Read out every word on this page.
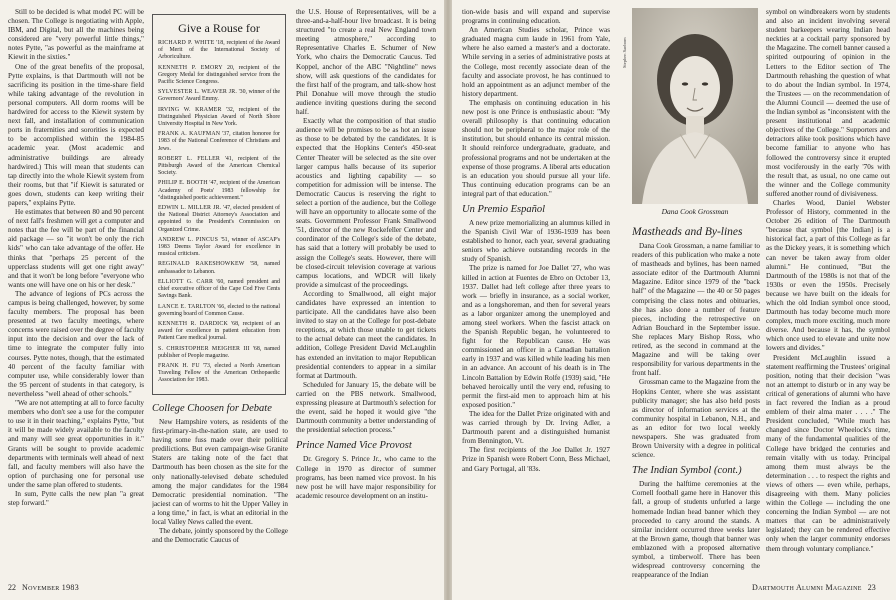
Still to be decided is what model PC will be chosen. The College is negotiating with Apple, IBM, and Digital, but all the machines being considered are "very powerful little things," notes Pytte, "as powerful as the mainframe at Kiewit in the sixties."

One of the great benefits of the proposal, Pytte explains, is that Dartmouth will not be sacrificing its position in the time-share field while taking advantage of the revolution in personal computers. All dorm rooms will be hardwired for access to the Kiewit system by next fall, and installation of communication ports in fraternities and sororities is expected to be accomplished within the 1984-85 academic year. (Most academic and administrative buildings are already hardwired.) This will mean that students can tap directly into the whole Kiewit system from their rooms, but that "if Kiewit is saturated or goes down, students can keep writing their papers," explains Pytte.

He estimates that between 80 and 90 percent of next fall's freshmen will get a computer and notes that the fee will be part of the financial aid package — so "it won't be only the rich kids" who can take advantage of the offer. He thinks that "perhaps 25 percent of the upperclass students will get one right away" and that it won't be long before "everyone who wants one will have one on his or her desk."

The advance of legions of PCs across the campus is being challenged, however, by some faculty members. The proposal has been presented at two faculty meetings, where concerns were raised over the degree of faculty input into the decision and over the lack of time to integrate the computer fully into courses. Pytte notes, though, that the estimated 40 percent of the faculty familiar with computer use, while considerably lower than the 95 percent of students in that category, is nevertheless "well ahead of other schools."

"We are not attempting at all to force faculty members who don't see a use for the computer to use it in their teaching," explains Pytte, "but it will be made widely available to the faculty and many will see great opportunities in it." Grants will be sought to provide academic departments with terminals well ahead of next fall, and faculty members will also have the option of purchasing one for personal use under the same plan offered to students.

In sum, Pytte calls the new plan "a great step forward."

Give a Rouse for
RICHARD P. WHITE '18, recipient of the Award of Merit of the International Society of Arboriculture.
KENNETH P. EMORY 20, recipient of the Gregory Medal for distinguished service from the Pacific Science Congress.
SYLVESTER L. WEAVER JR. '30, winner of the Governors' Award Emmy.
IRVING W. KRAMER '32, recipient of the Distinguished Physician Award of North Shore University Hospital in New York.
FRANK A. KAUFMAN '37, citation honoree for 1983 of the National Conference of Christians and Jews.
ROBERT L. FELLER '41, recipient of the Pittsburgh Award of the American Chemical Society.
PHILIP E. BOOTH '47, recipient of the American Academy of Poets' 1983 fellowship for "distinguished poetic achievement."
EDWIN L. MILLER JR. '47, elected president of the National District Attorney's Association and appointed to the President's Commission on Organized Crime.
ANDREW L. PINCUS '51, winner of ASCAP's 1983 Deems Taylor Award for excellence in musical criticism.
REGINALD RAKESHOWKEW '58, named ambassador to Lebanon.
ELLIOTT G. CARR '60, named president and chief executive officer of the Cape Cod Five Cents Savings Bank.
LANCE E. TARLTON '66, elected to the national governing board of Common Cause.
KENNETH R. DARDICK '68, recipient of an award for excellence in patient education from Patient Care medical journal.
S. CHRISTOPHER MEIGHER III '68, named publisher of People magazine.
FRANK H. FU '73, elected a North American Traveling Fellow of the American Orthopaedic Association for 1983.
College Choosen for Debate

New Hampshire voters, as residents of the first-primary-in-the-nation state, are used to having some fuss made over their political predilictions. But even campaign-wise Granite Staters are taking note of the fact that Dartmouth has been chosen as the site for the only nationally-televised debate scheduled among the major candidates for the 1984 Democratic presidential nomination. "The jaciest can of worms to hit the Upper Valley in a long time," in fact, is what an editorial in the local Valley News called the event.

The debate, jointly sponsored by the College and the Democratic Caucus of

the U.S. House of Representatives, will be a three-and-a-half-hour live broadcast. It is being structured "to create a real New England town meeting atmosphere," according to Representative Charles E. Schumer of New York, who chairs the Democratic Caucus. Ted Koppel, anchor of the ABC "Nightline" news show, will ask questions of the candidates for the first half of the program, and talk-show host Phil Donahue will move through the studio audience inviting questions during the second half.

Exactly what the composition of that studio audience will be promises to be as hot an issue as those to be debated by the candidates. It is expected that the Hopkins Center's 450-seat Center Theater will be selected as the site over larger campus halls because of its superior acoustics and lighting capability — so competition for admission will be intense. The Democratic Caucus is reserving the right to select a portion of the audience, but the College will have an opportunity to allocate some of the seats. Government Professor Frank Smallwood '51, director of the new Rockefeller Center and coordinator of the College's side of the debate, has said that a lottery will probably be used to assign the College's seats. However, there will be closed-circuit television coverage at various campus locations, and WDCR will likely provide a simulcast of the proceedings.

According to Smallwood, all eight major candidates have expressed an intention to participate. All the candidates have also been invited to stay on at the College for post-debate receptions, at which those unable to get tickets to the actual debate can meet the candidates. In addition, College President David McLaughlin has extended an invitation to major Republican presidential contenders to appear in a similar format at Dartmouth.

Scheduled for January 15, the debate will be carried on the PBS network. Smallwood, expressing pleasure at Dartmouth's selection for the event, said he hoped it would give "the Dartmouth community a better understanding of the presidential selection process."

Prince Named Vice Provost

Dr. Gregory S. Prince Jr., who came to the College in 1970 as director of summer programs, has been named vice provost. In his new post he will have major responsibility for academic resource development on an institu-

22 November 1983

tion-wide basis and will expand and supervise programs in continuing education.

An American Studies scholar, Prince was graduated magna cum laude in 1961 from Yale, where he also earned a master's and a doctorate. While serving in a series of administrative posts at the College, most recently associate dean of the faculty and associate provost, he has continued to hold an appointment as an adjunct member of the history department.

The emphasis on continuing education in his new post is one Prince is enthusiastic about: "My overall philosophy is that continuing education should not be peripheral to the major role of the institution, but should enhance its central mission. It should reinforce undergraduate, graduate, and professional programs and not be undertaken at the expense of those programs. A liberal arts education is an education you should pursue all your life. Thus continuing education programs can be an integral part of that education."

Un Premio Español

A new prize memorializing an alumnus killed in the Spanish Civil War of 1936-1939 has been established to honor, each year, several graduating seniors who achieve outstanding records in the study of Spanish.

The prize is named for Joe Dallet '27, who was killed in action at Fuentes de Ebro on October 13, 1937. Dallet had left college after three years to work — briefly in insurance, as a social worker, and as a longshoreman, and then for several years as a labor organizer among the unemployed and among steel workers. When the fascist attack on the Spanish Republic began, he volunteered to fight for the Republican cause. He was commissioned an officer in a Canadian battalion early in 1937 and was killed while leading his men in an advance. An account of his death is in The Lincoln Battalion by Edwin Rolfe (1939) said, "He behaved heroically until the very end, refusing to permit the first-aid men to approach him at his exposed position."

The idea for the Dallet Prize originated with and was carried through by Dr. Irving Adler, a Dartmouth parent and a distinguished humanist from Bennington, Vt.

The first recipients of the Joe Dallet Jr. 1927 Prize in Spanish were Robert Conn, Bess Michael, and Gary Portugal, all '83s.

Stephen Sanborn
Dana Cook Grossman
Mastheads and By-lines

Dana Cook Grossman, a name familiar to readers of this publication who make a note of mastheads and bylines, has been named associate editor of the Dartmouth Alumni Magazine. Editor since 1979 of the "back half" of the Magazine — the 40 or 50 pages comprising the class notes and obituaries, she has also done a number of feature pieces, including the retrospective on Adrian Bouchard in the September issue. She replaces Mary Bishop Ross, who retired, as the second in command at the Magazine and will be taking over responsibility for various departments in the front half.

Grossman came to the Magazine from the Hopkins Center, where she was assistant publicity manager; she has also held posts as director of information services at the community hospital in Lebanon, N.H., and as an editor for two local weekly newspapers. She was graduated from Brown University with a degree in political science.

The Indian Symbol (cont.)

During the halftime ceremonies at the Cornell football game here in Hanover this fall, a group of students unfurled a large homemade Indian head banner which they proceeded to carry around the stands. A similar incident occurred three weeks later at the Brown game, though that banner was emblazoned with a proposed alternative symbol, a timberwolf. There has been widespread controversy concerning the reappearance of the Indian

symbol on windbreakers worn by students and also an incident involving several student barkeepers wearing Indian head neckties at a cocktail party sponsored by the Magazine. The cornell banner caused a spirited outpouring of opinion in the Letters to the Editor section of The Dartmouth rehashing the question of what to do about the Indian symbol. In 1974, the Trustees — on the recommendation of the Alumni Council — deemed the use of the Indian symbol as "inconsistent with the present institutional and academic objectives of the College." Supporters and detractors alike took positions which have become familiar to anyone who has followed the controversy since it erupted most vociferously in the early '70s with the result that, as usual, no one came out the winner and the College community suffered another round of divisiveness.

Charles Wood, Daniel Webster Professor of History, commented in the October 26 edition of The Dartmouth "because that symbol [the Indian] is a historical fact, a part of this College as far as the Dickey years, it is something which can never be taken away from older alumni." He continued, "But the Dartmouth of the 1980s is not that of the 1930s or even the 1950s. Precisely because we have built on the ideals for which the old Indian symbol once stood, Dartmouth has today become much more complex, much more exciting, much more diverse. And because it has, the symbol which once used to elevate and unite now lowers and divides."

President McLaughlin issued a statement reaffirming the Trustees' original position, noting that their decision "was not an attempt to disturb or in any way be critical of generations of alumni who have in fact revered the Indian as a proud emblem of their alma mater . . . ." The President concluded, "While much has changed since Doctor Wheelock's time, many of the fundamental qualities of the College have bridged the centuries and remain vitally with us today. Principal among them must always be the determination . . . to respect the rights and views of others — even while, perhaps, disagreeing with them. Many policies within the College — including the one concerning the Indian Symbol — are not matters that can be administratively legislated; they can be rendered effective only when the larger community endorses them through voluntary compliance."

Dartmouth Alumni Magazine 23
